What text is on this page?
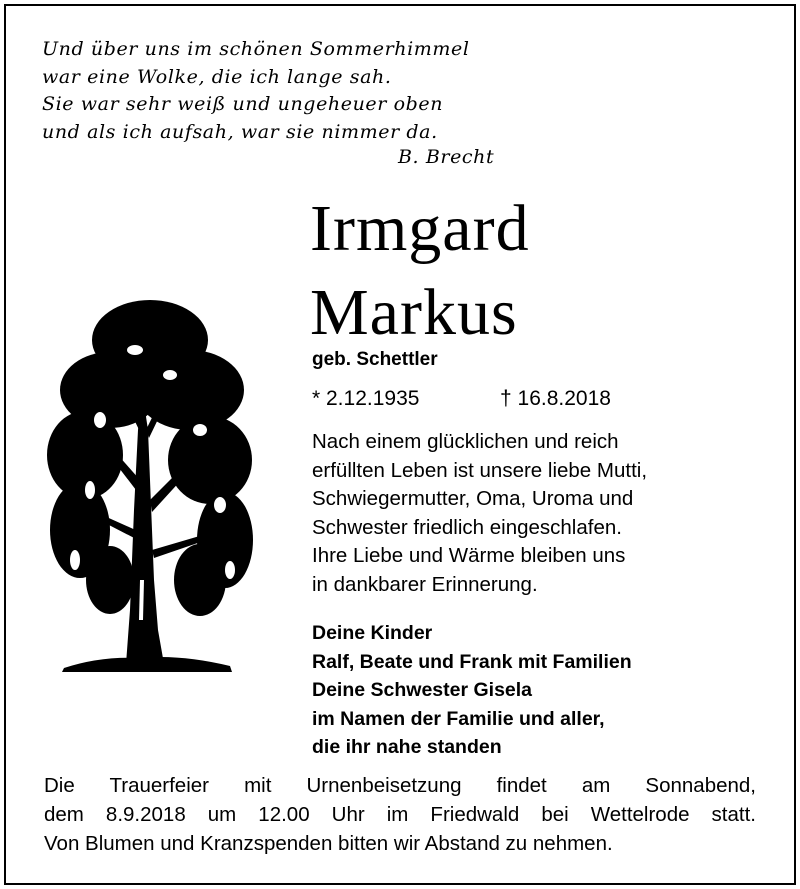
Und über uns im schönen Sommerhimmel
war eine Wolke, die ich lange sah.
Sie war sehr weiß und ungeheuer oben
und als ich aufsah, war sie nimmer da.
B. Brecht
Irmgard
Markus
geb. Schettler
* 2.12.1935	† 16.8.2018
Nach einem glücklichen und reich
erfüllten Leben ist unsere liebe Mutti,
Schwiegermutter, Oma, Uroma und
Schwester friedlich eingeschlafen.
Ihre Liebe und Wärme bleiben uns
in dankbarer Erinnerung.
Deine Kinder
Ralf, Beate und Frank mit Familien
Deine Schwester Gisela
im Namen der Familie und aller,
die ihr nahe standen
Die Trauerfeier mit Urnenbeisetzung findet am Sonnabend,
dem 8.9.2018 um 12.00 Uhr im Friedwald bei Wettelrode statt.
Von Blumen und Kranzspenden bitten wir Abstand zu nehmen.
